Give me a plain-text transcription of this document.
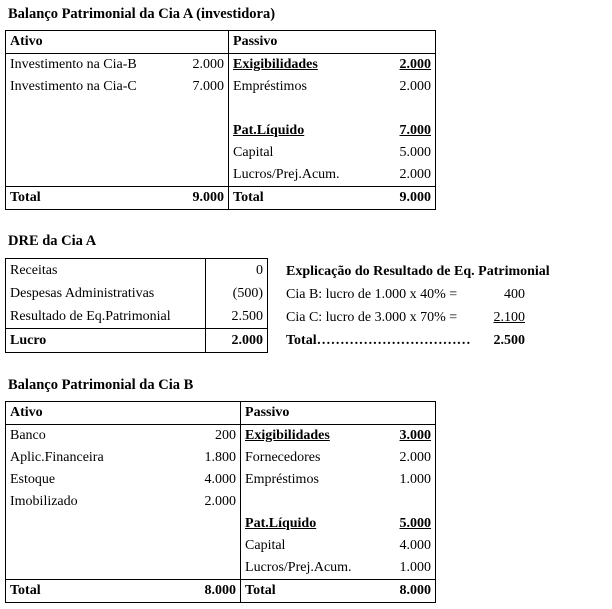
Balanço Patrimonial da Cia A (investidora)
Ativo		Passivo	
Investimento na Cia-B	2.000	Exigibilidades	2.000
Investimento na Cia-C	7.000	Empréstimos	2.000

		Pat.Líquido	7.000
		Capital	5.000
		Lucros/Prej.Acum.	2.000
Total	9.000	Total	9.000
DRE da Cia A
Receitas	0
Despesas Administrativas	(500)
Resultado de Eq.Patrimonial	2.500
Lucro	2.000
Explicação do Resultado de Eq. Patrimonial
Cia B: lucro de 1.000 x 40% =	400
Cia C: lucro de 3.000 x 70% =	2.100
Total……………………………	2.500
Balanço Patrimonial da Cia B
Ativo		Passivo	
Banco	200	Exigibilidades	3.000
Aplic.Financeira	1.800	Fornecedores	2.000
Estoque	4.000	Empréstimos	1.000
Imobilizado	2.000		
		Pat.Líquido	5.000
		Capital	4.000
		Lucros/Prej.Acum.	1.000
Total	8.000	Total	8.000
